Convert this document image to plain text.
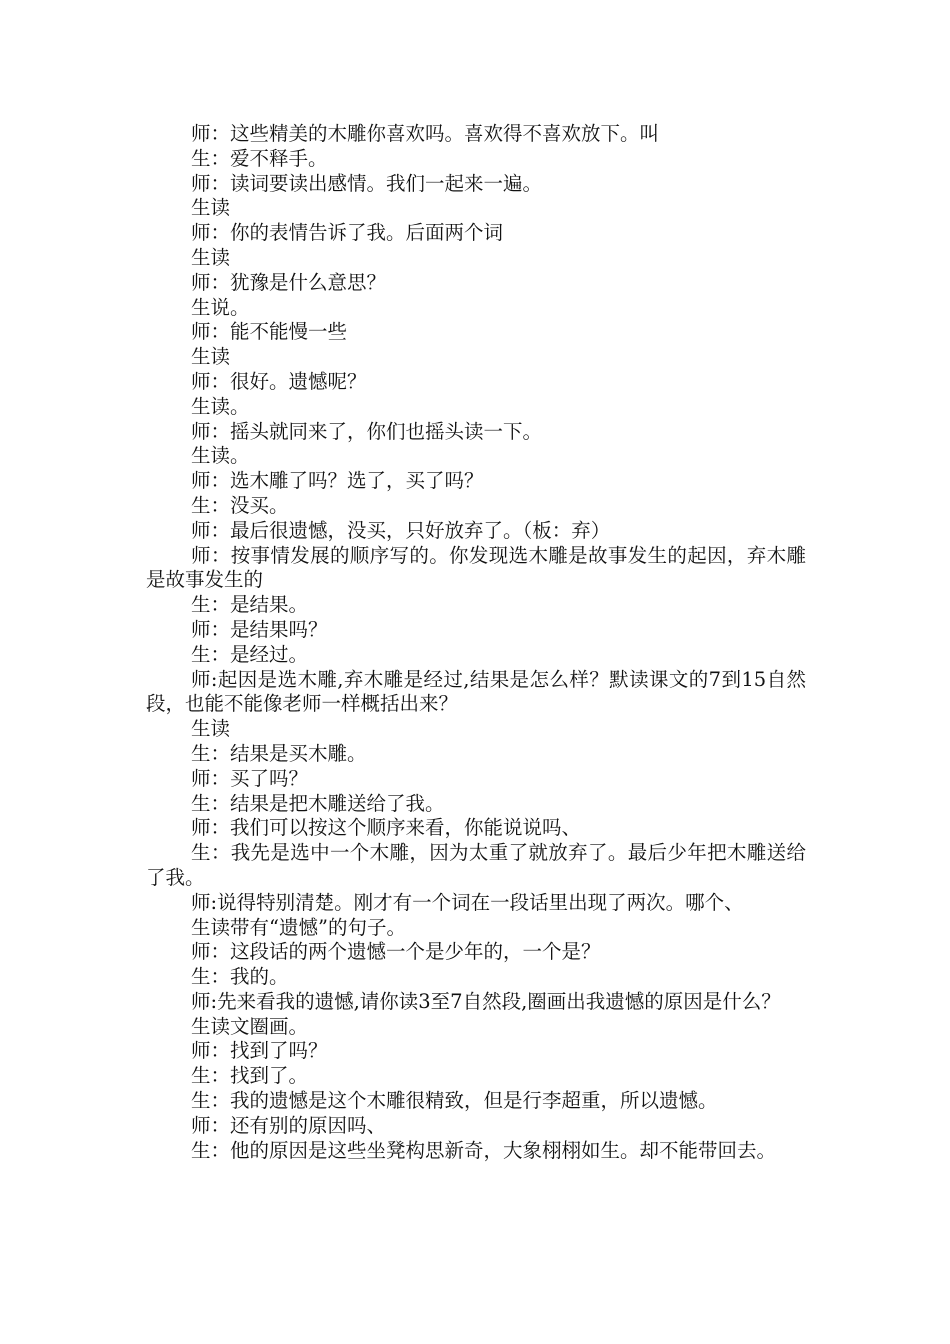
师：这些精美的木雕你喜欢吗。喜欢得不喜欢放下。叫

生：爱不释手。

师：读词要读出感情。我们一起来一遍。

生读

师：你的表情告诉了我。后面两个词

生读

师：犹豫是什么意思？

生说。

师：能不能慢一些

生读

师：很好。遗憾呢？

生读。

师：摇头就同来了，你们也摇头读一下。

生读。

师：选木雕了吗？选了，买了吗？

生：没买。

师：最后很遗憾，没买，只好放弃了。（板：弃）

师：按事情发展的顺序写的。你发现选木雕是故事发生的起因，弃木雕是故事发生的

生：是结果。

师：是结果吗？

生：是经过。

师:起因是选木雕,弃木雕是经过,结果是怎么样？默读课文的7到15自然段，也能不能像老师一样概括出来？

生读

生：结果是买木雕。

师：买了吗？

生：结果是把木雕送给了我。

师：我们可以按这个顺序来看，你能说说吗、

生：我先是选中一个木雕，因为太重了就放弃了。最后少年把木雕送给了我。

师:说得特别清楚。刚才有一个词在一段话里出现了两次。哪个、

生读带有“遗憾”的句子。

师：这段话的两个遗憾一个是少年的，一个是？

生：我的。

师:先来看我的遗憾,请你读3至7自然段,圈画出我遗憾的原因是什么？

生读文圈画。

师：找到了吗？

生：找到了。

生：我的遗憾是这个木雕很精致，但是行李超重，所以遗憾。

师：还有别的原因吗、

生：他的原因是这些坐凳构思新奇，大象栩栩如生。却不能带回去。
